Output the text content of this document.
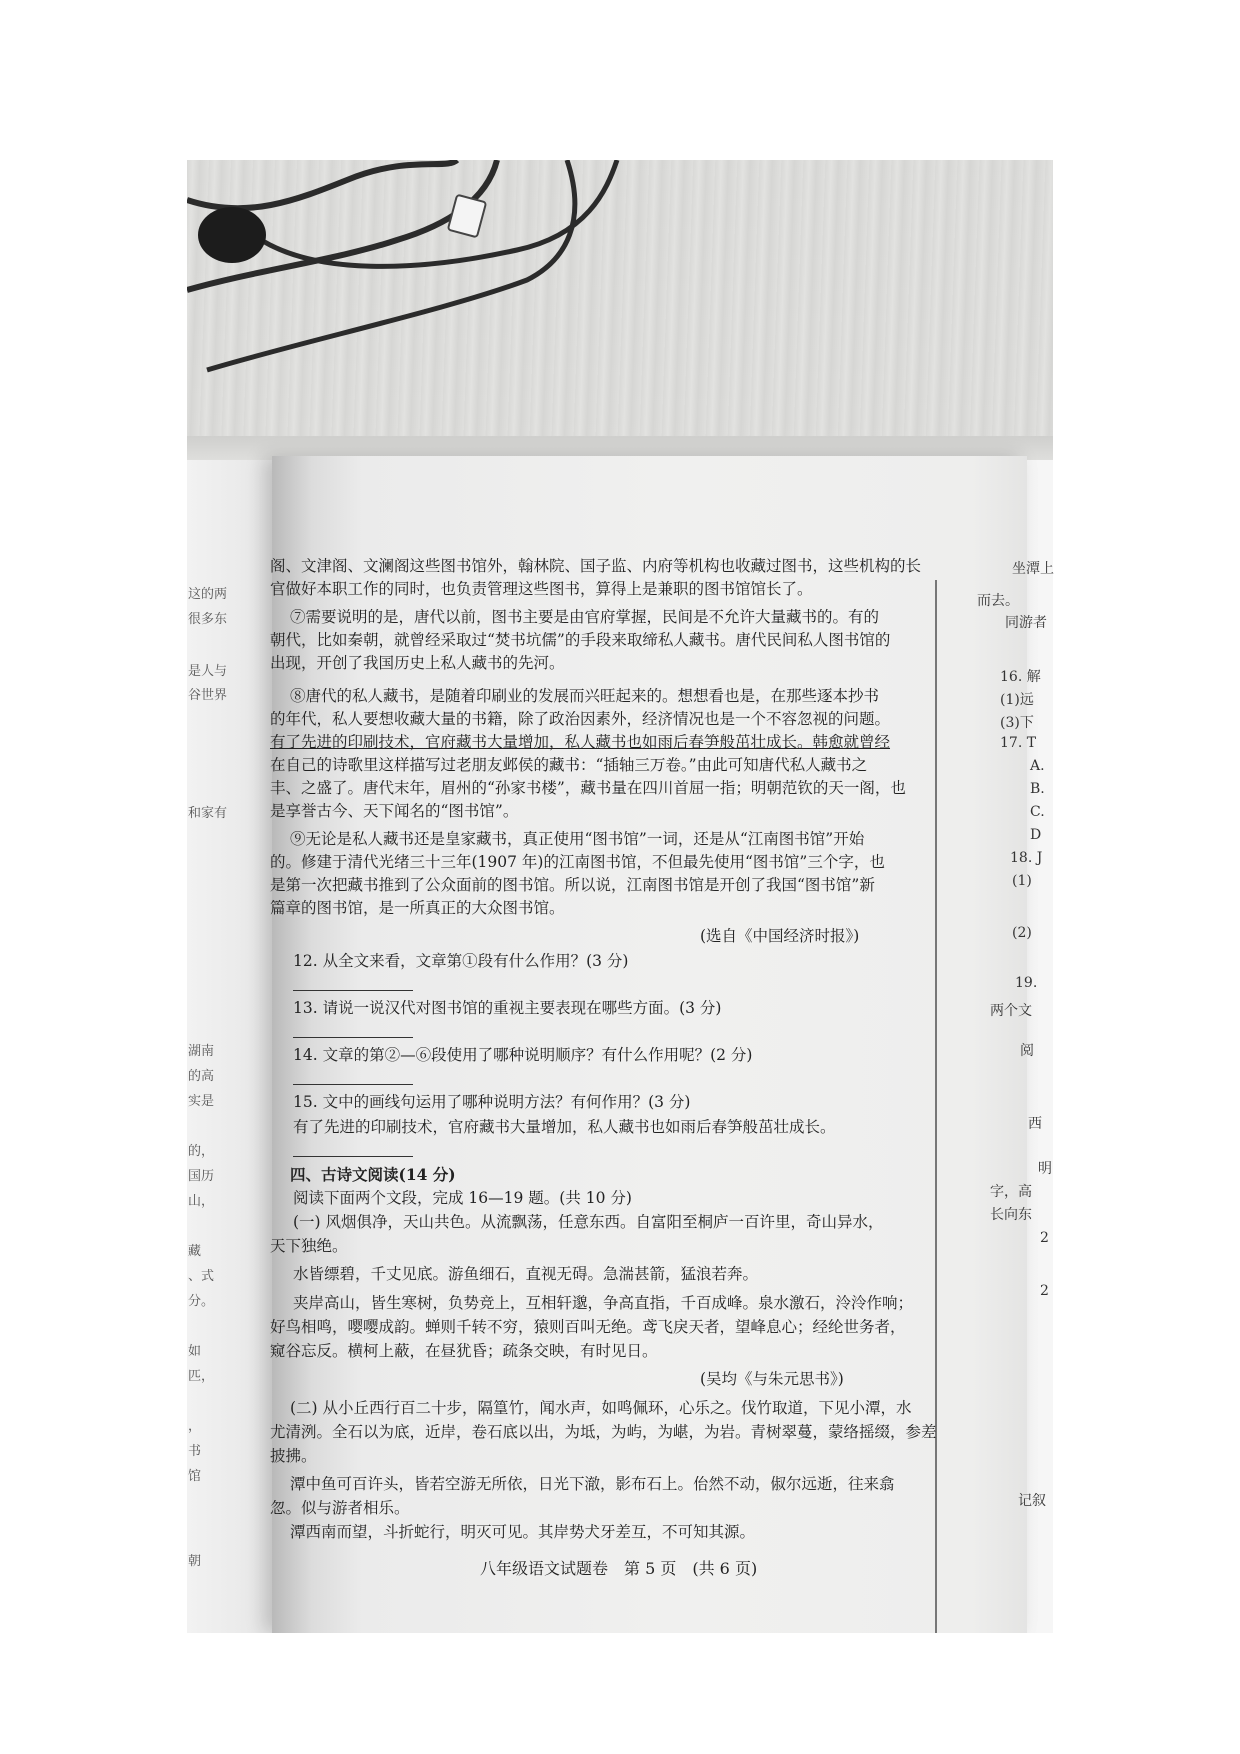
这的两
很多东
是人与
谷世界
和家有
湖南
的高
实是
的，
国历
山，
藏
、式
分。
如
匹，
，
书
馆
朝
阁、文津阁、文澜阁这些图书馆外，翰林院、国子监、内府等机构也收藏过图书，这些机构的长
官做好本职工作的同时，也负责管理这些图书，算得上是兼职的图书馆馆长了。
⑦需要说明的是，唐代以前，图书主要是由官府掌握，民间是不允许大量藏书的。有的
朝代，比如秦朝，就曾经采取过“焚书坑儒”的手段来取缔私人藏书。唐代民间私人图书馆的
出现，开创了我国历史上私人藏书的先河。
⑧唐代的私人藏书，是随着印刷业的发展而兴旺起来的。想想看也是，在那些逐本抄书
的年代，私人要想收藏大量的书籍，除了政治因素外，经济情况也是一个不容忽视的问题。
有了先进的印刷技术，官府藏书大量增加，私人藏书也如雨后春笋般茁壮成长。韩愈就曾经
在自己的诗歌里这样描写过老朋友邺侯的藏书：“插轴三万卷。”由此可知唐代私人藏书之
丰、之盛了。唐代末年，眉州的“孙家书楼”，藏书量在四川首屈一指；明朝范钦的天一阁，也
是享誉古今、天下闻名的“图书馆”。
⑨无论是私人藏书还是皇家藏书，真正使用“图书馆”一词，还是从“江南图书馆”开始
的。修建于清代光绪三十三年(1907 年)的江南图书馆，不但最先使用“图书馆”三个字，也
是第一次把藏书推到了公众面前的图书馆。所以说，江南图书馆是开创了我国“图书馆”新
篇章的图书馆，是一所真正的大众图书馆。
(选自《中国经济时报》)
12. 从全文来看，文章第①段有什么作用？(3 分)
13. 请说一说汉代对图书馆的重视主要表现在哪些方面。(3 分)
14. 文章的第②—⑥段使用了哪种说明顺序？有什么作用呢？(2 分)
15. 文中的画线句运用了哪种说明方法？有何作用？(3 分)
有了先进的印刷技术，官府藏书大量增加，私人藏书也如雨后春笋般茁壮成长。
四、古诗文阅读(14 分)
阅读下面两个文段，完成 16—19 题。(共 10 分)
(一) 风烟俱净，天山共色。从流飘荡，任意东西。自富阳至桐庐一百许里，奇山异水，
天下独绝。
水皆缥碧，千丈见底。游鱼细石，直视无碍。急湍甚箭，猛浪若奔。
夹岸高山，皆生寒树，负势竞上，互相轩邈，争高直指，千百成峰。泉水激石，泠泠作响；
好鸟相鸣，嘤嘤成韵。蝉则千转不穷，猿则百叫无绝。鸢飞戾天者，望峰息心；经纶世务者，
窥谷忘反。横柯上蔽，在昼犹昏；疏条交映，有时见日。
(吴均《与朱元思书》)
(二) 从小丘西行百二十步，隔篁竹，闻水声，如鸣佩环，心乐之。伐竹取道，下见小潭，水
尤清洌。全石以为底，近岸，卷石底以出，为坻，为屿，为嵁，为岩。青树翠蔓，蒙络摇缀，参差
披拂。
潭中鱼可百许头，皆若空游无所依，日光下澈，影布石上。佁然不动，俶尔远逝，往来翕
忽。似与游者相乐。
潭西南而望，斗折蛇行，明灭可见。其岸势犬牙差互，不可知其源。
八年级语文试题卷　第 5 页　(共 6 页)
坐潭上
而去。
同游者
16. 解
(1)远
(3)下
17. T
A.
B.
C.
D
18. J
(1)
(2)
19.
两个文
阅
西
明
字，高
长向东
2
2
记叙
